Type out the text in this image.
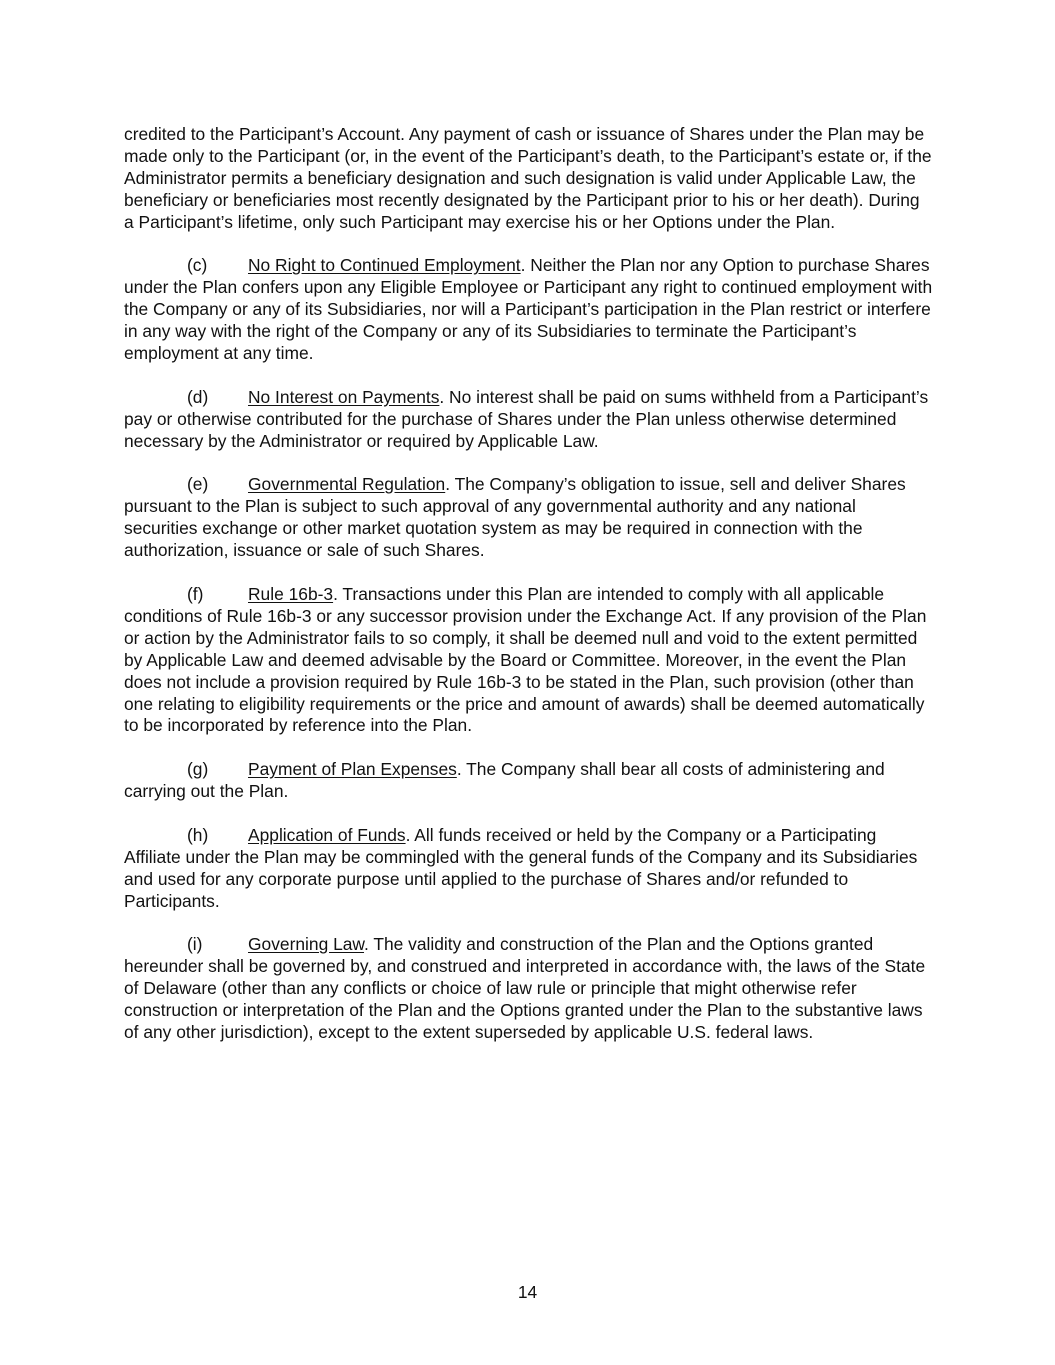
credited to the Participant’s Account. Any payment of cash or issuance of Shares under the Plan may be made only to the Participant (or, in the event of the Participant’s death, to the Participant’s estate or, if the Administrator permits a beneficiary designation and such designation is valid under Applicable Law, the beneficiary or beneficiaries most recently designated by the Participant prior to his or her death). During a Participant’s lifetime, only such Participant may exercise his or her Options under the Plan.

(c) No Right to Continued Employment. Neither the Plan nor any Option to purchase Shares under the Plan confers upon any Eligible Employee or Participant any right to continued employment with the Company or any of its Subsidiaries, nor will a Participant’s participation in the Plan restrict or interfere in any way with the right of the Company or any of its Subsidiaries to terminate the Participant’s employment at any time.

(d) No Interest on Payments. No interest shall be paid on sums withheld from a Participant’s pay or otherwise contributed for the purchase of Shares under the Plan unless otherwise determined necessary by the Administrator or required by Applicable Law.

(e) Governmental Regulation. The Company’s obligation to issue, sell and deliver Shares pursuant to the Plan is subject to such approval of any governmental authority and any national securities exchange or other market quotation system as may be required in connection with the authorization, issuance or sale of such Shares.

(f)	Rule 16b-3. Transactions under this Plan are intended to comply with all applicable conditions of Rule 16b-3 or any successor provision under the Exchange Act. If any provision of the Plan or action by the Administrator fails to so comply, it shall be deemed null and void to the extent permitted by Applicable Law and deemed advisable by the Board or Committee. Moreover, in the event the Plan does not include a provision required by Rule 16b-3 to be stated in the Plan, such provision (other than one relating to eligibility requirements or the price and amount of awards) shall be deemed automatically to be incorporated by reference into the Plan.

(g) Payment of Plan Expenses. The Company shall bear all costs of administering and carrying out the Plan.

(h) Application of Funds. All funds received or held by the Company or a Participating Affiliate under the Plan may be commingled with the general funds of the Company and its Subsidiaries and used for any corporate purpose until applied to the purchase of Shares and/or refunded to Participants.

(i)	Governing Law. The validity and construction of the Plan and the Options granted hereunder shall be governed by, and construed and interpreted in accordance with, the laws of the State of Delaware (other than any conflicts or choice of law rule or principle that might otherwise refer construction or interpretation of the Plan and the Options granted under the Plan to the substantive laws of any other jurisdiction), except to the extent superseded by applicable U.S. federal laws.

14
